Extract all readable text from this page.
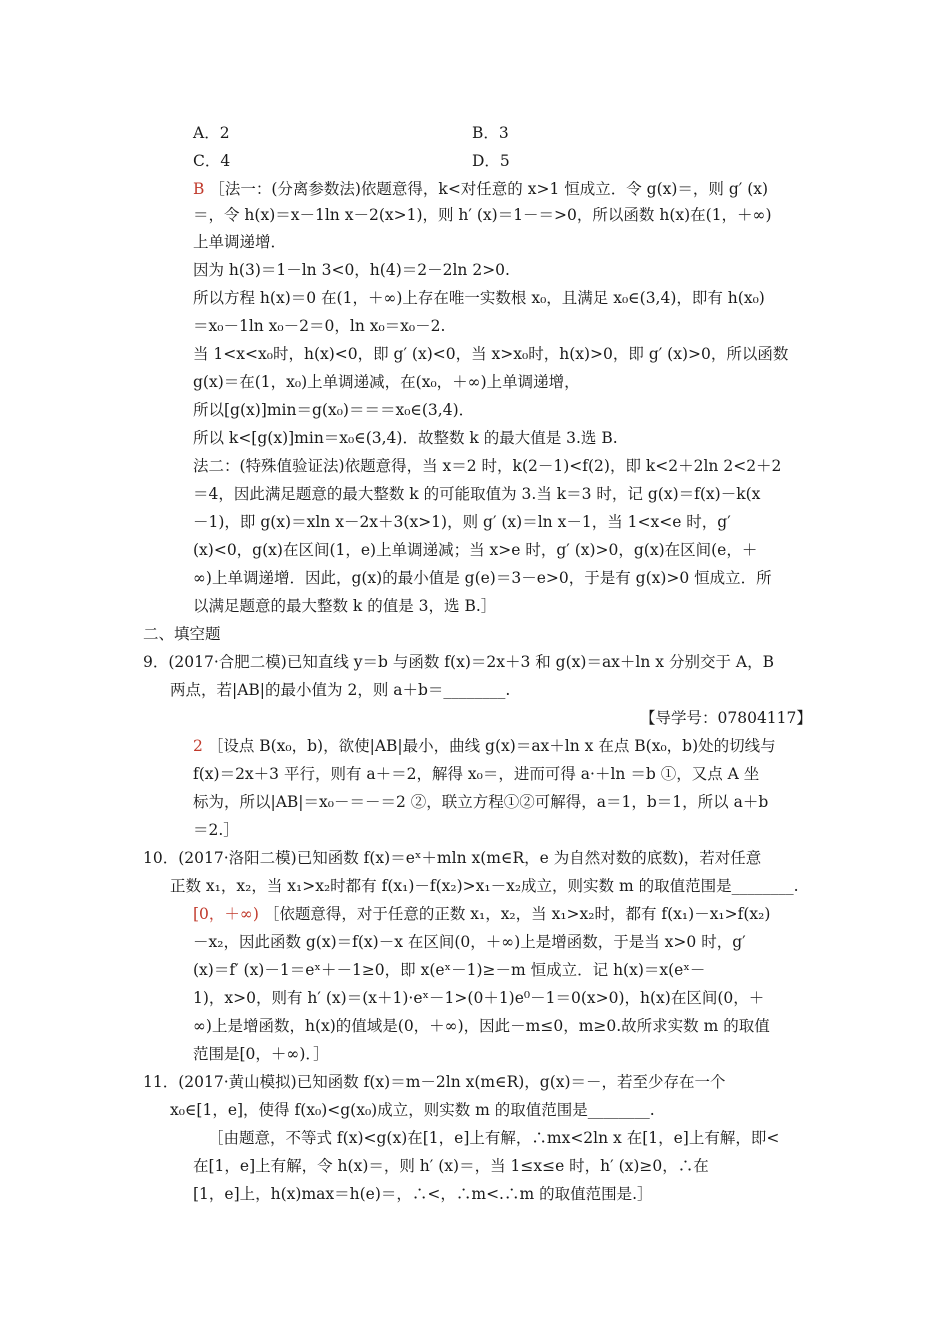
A．2	B．3
C．4	D．5
B ［法一：(分离参数法)依题意得，k<对任意的 x>1 恒成立．令 g(x)＝，则 g′ (x)
＝，令 h(x)＝x－1ln x－2(x>1)，则 h′ (x)＝1－＝>0，所以函数 h(x)在(1，＋∞)
上单调递增．
因为 h(3)＝1－ln 3<0，h(4)＝2－2ln 2>0.
所以方程 h(x)＝0 在(1，＋∞)上存在唯一实数根 x₀，且满足 x₀∈(3,4)，即有 h(x₀)
＝x₀－1ln x₀－2＝0，ln x₀＝x₀－2.
当 1<x<x₀时，h(x)<0，即 g′ (x)<0，当 x>x₀时，h(x)>0，即 g′ (x)>0，所以函数
g(x)＝在(1，x₀)上单调递减，在(x₀，＋∞)上单调递增，
所以[g(x)]min＝g(x₀)＝＝＝x₀∈(3,4)．
所以 k<[g(x)]min＝x₀∈(3,4)．故整数 k 的最大值是 3.选 B.
法二：(特殊值验证法)依题意得，当 x＝2 时，k(2－1)<f(2)，即 k<2＋2ln 2<2＋2
＝4，因此满足题意的最大整数 k 的可能取值为 3.当 k＝3 时，记 g(x)＝f(x)－k(x
－1)，即 g(x)＝xln x－2x＋3(x>1)，则 g′ (x)＝ln x－1，当 1<x<e 时，g′
(x)<0，g(x)在区间(1，e)上单调递减；当 x>e 时，g′ (x)>0，g(x)在区间(e，＋
∞)上单调递增．因此，g(x)的最小值是 g(e)＝3－e>0，于是有 g(x)>0 恒成立．所
以满足题意的最大整数 k 的值是 3，选 B.］
二、填空题
9．(2017·合肥二模)已知直线 y＝b 与函数 f(x)＝2x＋3 和 g(x)＝ax＋ln x 分别交于 A，B
两点，若|AB|的最小值为 2，则 a＋b＝________.
【导学号：07804117】
2 ［设点 B(x₀，b)，欲使|AB|最小，曲线 g(x)＝ax＋ln x 在点 B(x₀，b)处的切线与
f(x)＝2x＋3 平行，则有 a＋＝2，解得 x₀＝，进而可得 a·＋ln ＝b ①，又点 A 坐
标为，所以|AB|＝x₀－＝－＝2 ②，联立方程①②可解得，a＝1，b＝1，所以 a＋b
＝2.］
10．(2017·洛阳二模)已知函数 f(x)＝eˣ＋mln x(m∈R，e 为自然对数的底数)，若对任意
正数 x₁，x₂，当 x₁>x₂时都有 f(x₁)－f(x₂)>x₁－x₂成立，则实数 m 的取值范围是________.
[0，＋∞) ［依题意得，对于任意的正数 x₁，x₂，当 x₁>x₂时，都有 f(x₁)－x₁>f(x₂)
－x₂，因此函数 g(x)＝f(x)－x 在区间(0，＋∞)上是增函数，于是当 x>0 时，g′
(x)＝f′ (x)－1＝eˣ＋－1≥0，即 x(eˣ－1)≥－m 恒成立．记 h(x)＝x(eˣ－
1)，x>0，则有 h′ (x)＝(x＋1)·eˣ－1>(0＋1)e⁰－1＝0(x>0)，h(x)在区间(0，＋
∞)上是增函数，h(x)的值域是(0，＋∞)，因此－m≤0，m≥0.故所求实数 m 的取值
范围是[0，＋∞)．］
11．(2017·黄山模拟)已知函数 f(x)＝m－2ln x(m∈R)，g(x)＝－，若至少存在一个
x₀∈[1，e]，使得 f(x₀)<g(x₀)成立，则实数 m 的取值范围是________.
［由题意，不等式 f(x)<g(x)在[1，e]上有解，∴mx<2ln x 在[1，e]上有解，即<
在[1，e]上有解，令 h(x)＝，则 h′ (x)＝，当 1≤x≤e 时，h′ (x)≥0，∴在
[1，e]上，h(x)max＝h(e)＝，∴<，∴m<.∴m 的取值范围是.］
